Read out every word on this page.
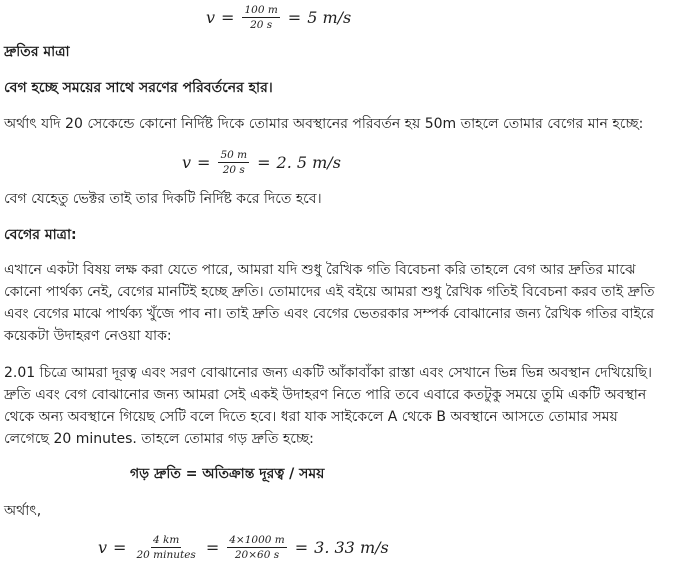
$v = \frac{100 m}{20 s} = 5$ m/s
দ্রুতির মাত্রা
বেগ হচ্ছে সময়ের সাথে সরণের পরিবর্তনের হার।

অর্থাৎ যদি 20 সেকেন্ডে কোনো নির্দিষ্ট দিকে তোমার অবস্থানের পরিবর্তন হয় 50m তাহলে তোমার বেগের মান হচ্ছে:

$v = \frac{50 m}{20 s} = 2$. 5 m/s

বেগ যেহেতু ভেক্টর তাই তার দিকটি নির্দিষ্ট করে দিতে হবে।

বেগের মাত্রা:

এখানে একটা বিষয় লক্ষ করা যেতে পারে, আমরা যদি শুধু রৈখিক গতি বিবেচনা করি তাহলে বেগ আর দ্রুতির মাঝে কোনো পার্থক্য নেই, বেগের মানটিই হচ্ছে দ্রুতি। তোমাদের এই বইয়ে আমরা শুধু রৈখিক গতিই বিবেচনা করব তাই দ্রুতি এবং বেগের মাঝে পার্থক্য খুঁজে পাব না। তাই দ্রুতি এবং বেগের ভেতরকার সম্পর্ক বোঝানোর জন্য রৈখিক গতির বাইরে কয়েকটা উদাহরণ নেওয়া যাক:

2.01 চিত্রে আমরা দূরত্ব এবং সরণ বোঝানোর জন্য একটি আঁকাবাঁকা রাস্তা এবং সেখানে ভিন্ন ভিন্ন অবস্থান দেখিয়েছি। দ্রুতি এবং বেগ বোঝানোর জন্য আমরা সেই একই উদাহরণ নিতে পারি তবে এবারে কতটুকু সময়ে তুমি একটি অবস্থান থেকে অন্য অবস্থানে গিয়েছ সেটি বলে দিতে হবে। ধরা যাক সাইকেলে A থেকে B অবস্থানে আসতে তোমার সময় লেগেছে 20 minutes. তাহলে তোমার গড় দ্রুতি হচ্ছে:

গড় দ্রুতি = অতিক্রান্ত দূরত্ব / সময়

অর্থাৎ,

$v = \frac{4 km}{\text{20 minutes}} = \frac{4\times 1000 m}{20\times 60 s} = 3$. 33 m/s
